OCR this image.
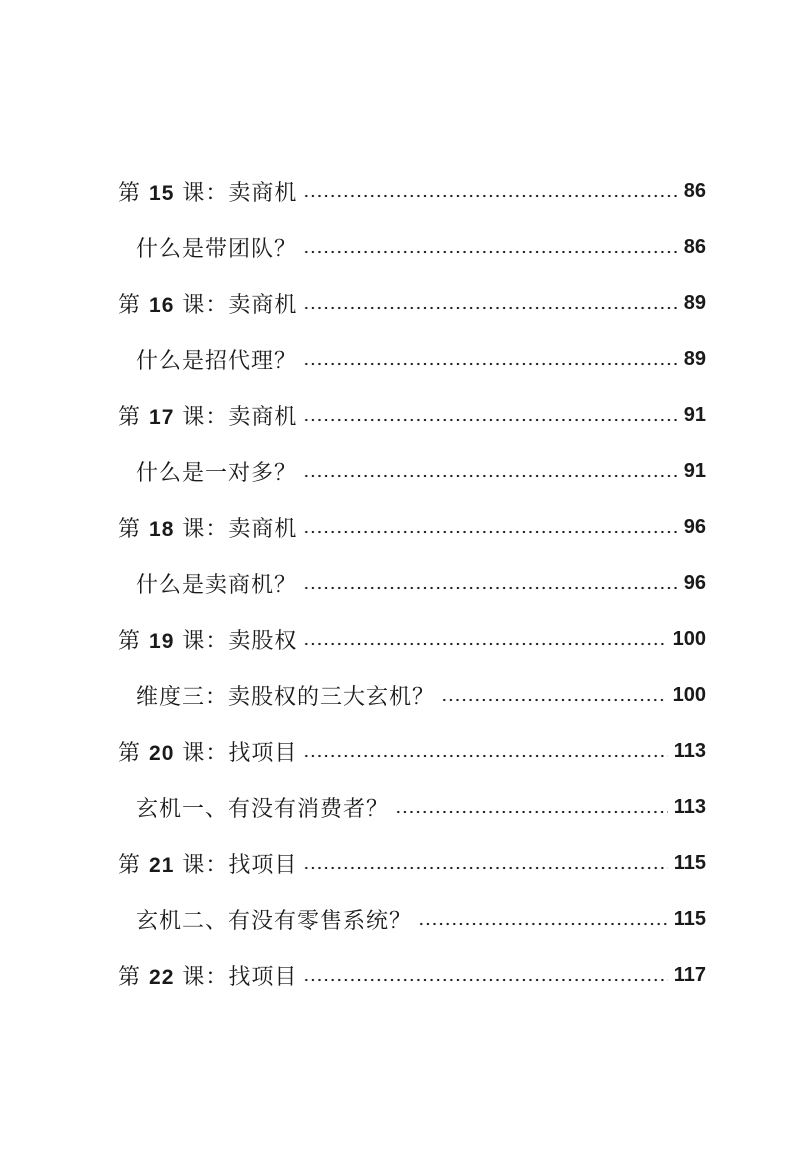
第 15 课：卖商机	86
什么是带团队？	86
第 16 课：卖商机	89
什么是招代理？	89
第 17 课：卖商机	91
什么是一对多？	91
第 18 课：卖商机	96
什么是卖商机？	96
第 19 课：卖股权	100
维度三：卖股权的三大玄机？	100
第 20 课：找项目	113
玄机一、有没有消费者？	113
第 21 课：找项目	115
玄机二、有没有零售系统？	115
第 22 课：找项目	117
